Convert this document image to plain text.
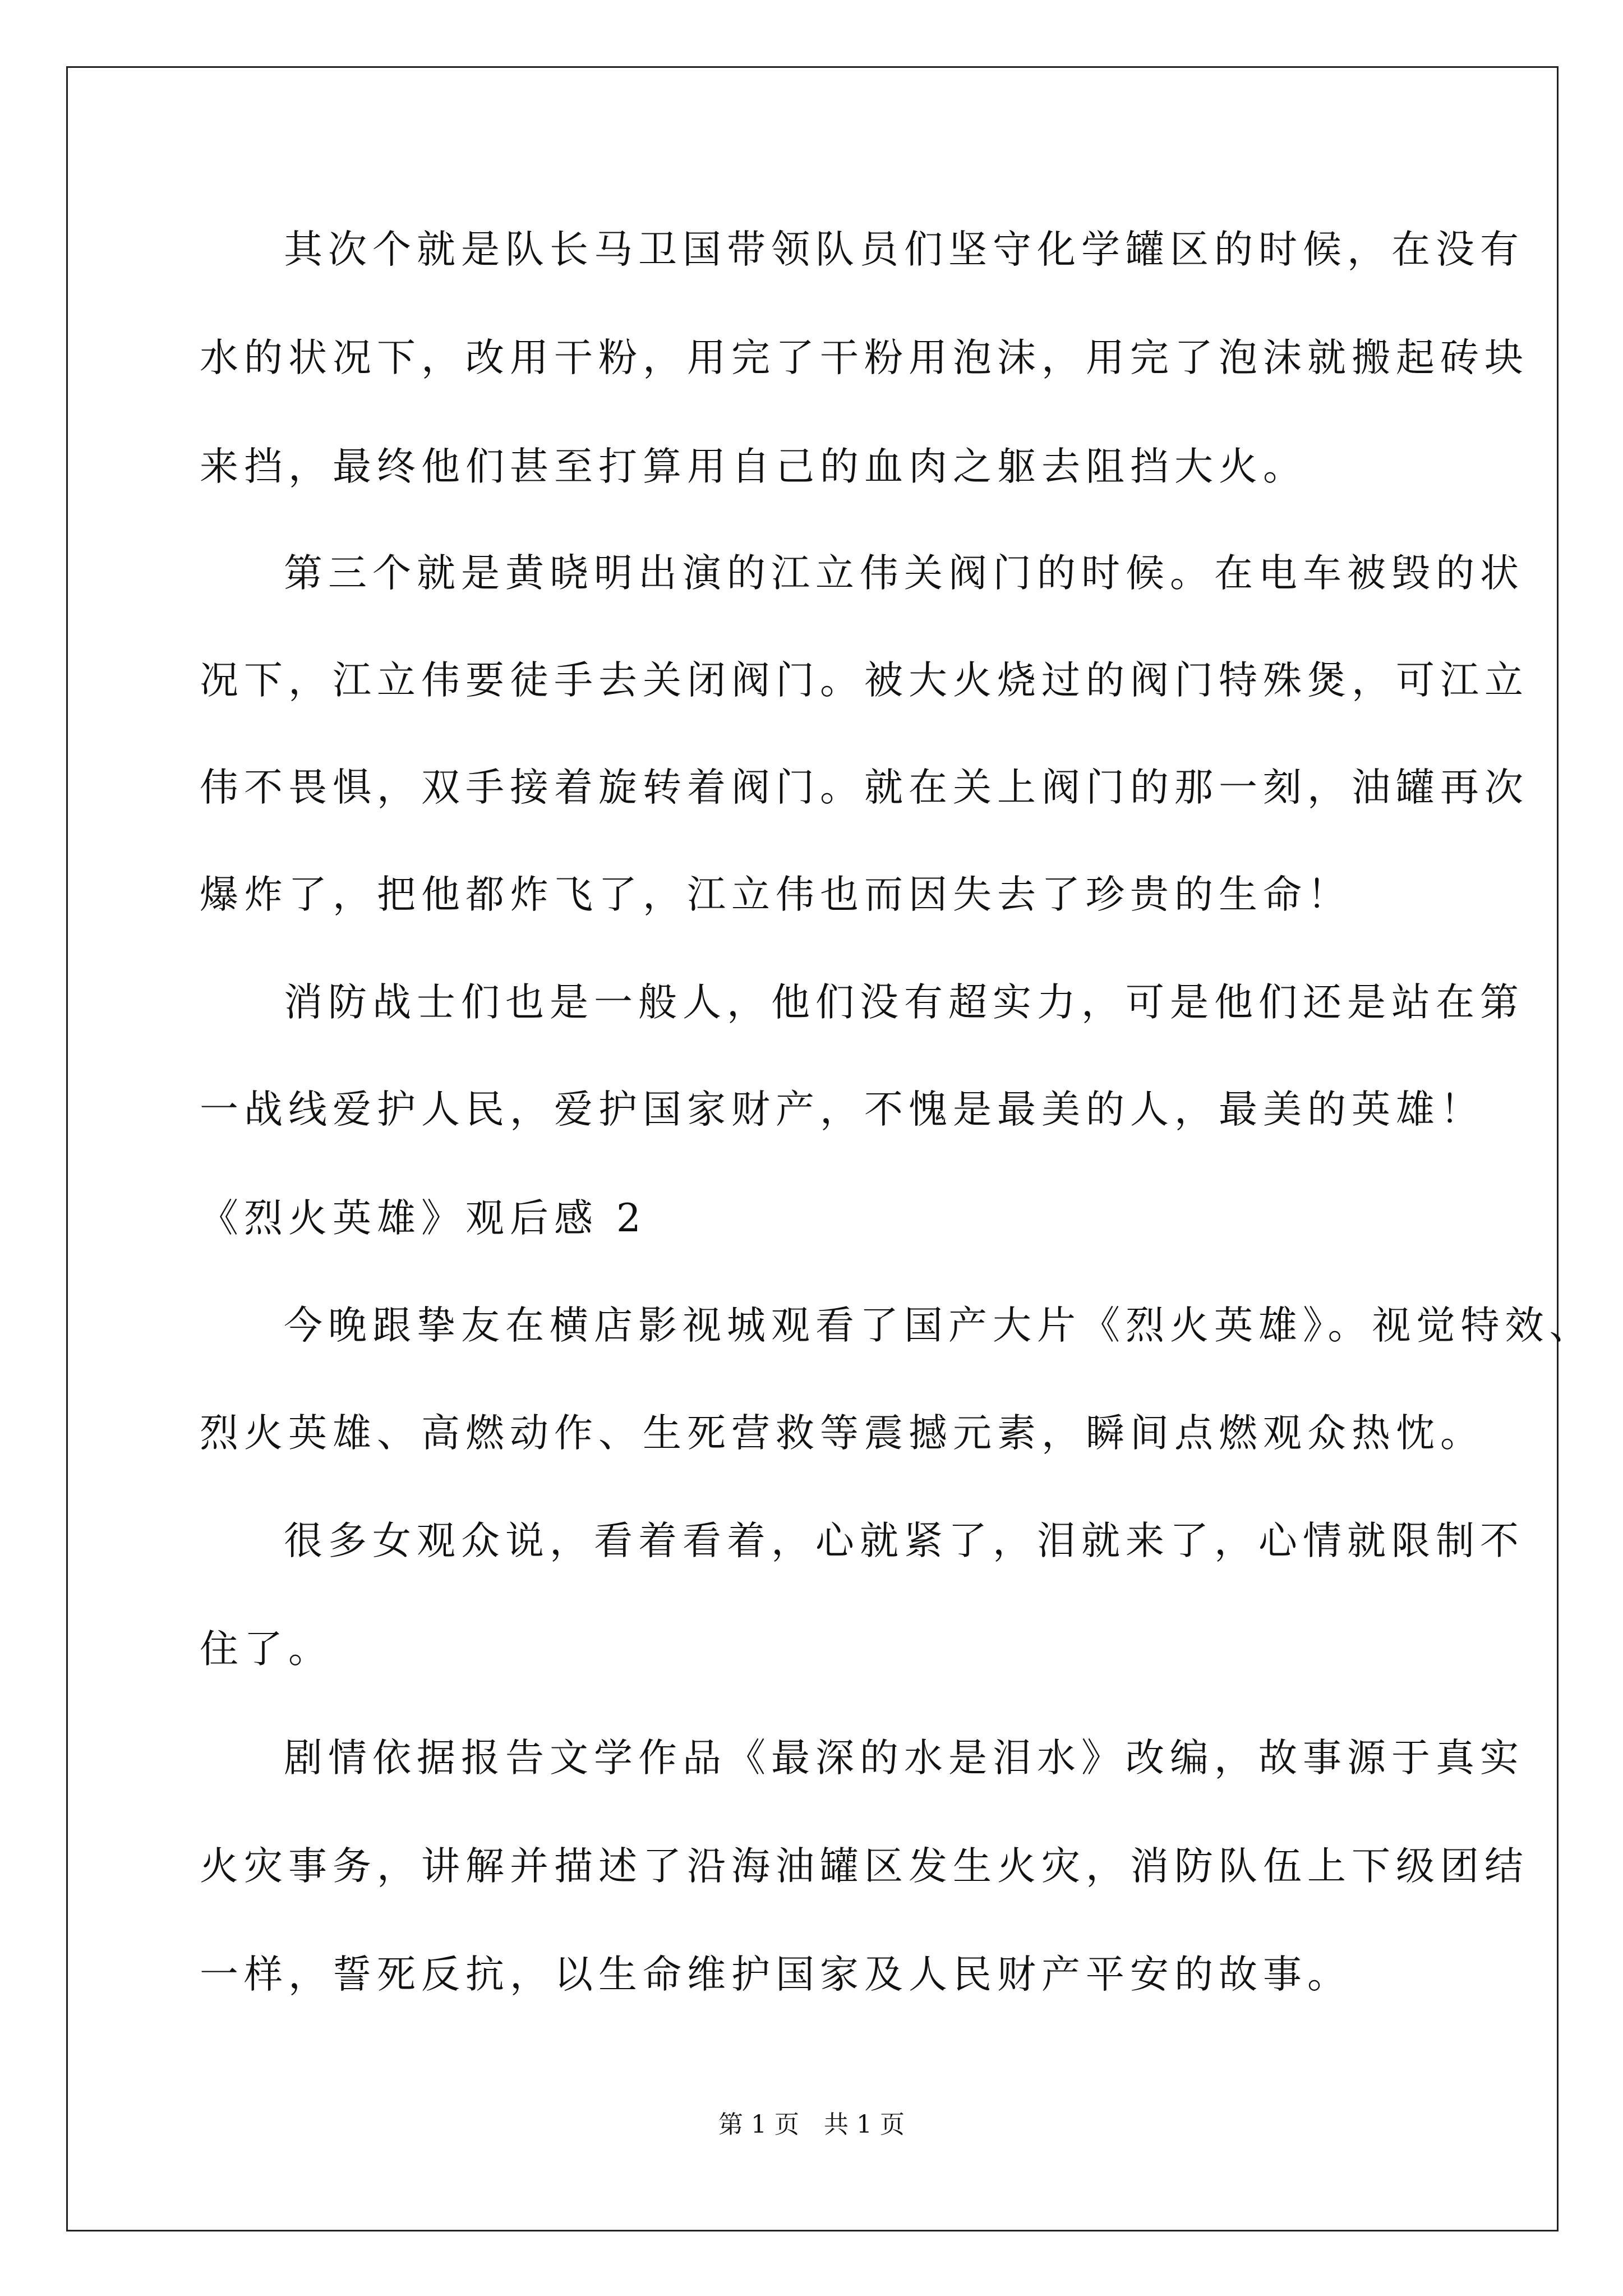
其次个就是队长马卫国带领队员们坚守化学罐区的时候，在没有
水的状况下，改用干粉，用完了干粉用泡沫，用完了泡沫就搬起砖块
来挡，最终他们甚至打算用自己的血肉之躯去阻挡大火。
第三个就是黄晓明出演的江立伟关阀门的时候。在电车被毁的状
况下，江立伟要徒手去关闭阀门。被大火烧过的阀门特殊煲，可江立
伟不畏惧，双手接着旋转着阀门。就在关上阀门的那一刻，油罐再次
爆炸了，把他都炸飞了，江立伟也而因失去了珍贵的生命！
消防战士们也是一般人，他们没有超实力，可是他们还是站在第
一战线爱护人民，爱护国家财产，不愧是最美的人，最美的英雄！
《烈火英雄》观后感 2
今晚跟挚友在横店影视城观看了国产大片《烈火英雄》。视觉特效、
烈火英雄、高燃动作、生死营救等震撼元素，瞬间点燃观众热忱。
很多女观众说，看着看着，心就紧了，泪就来了，心情就限制不
住了。
剧情依据报告文学作品《最深的水是泪水》改编，故事源于真实
火灾事务，讲解并描述了沿海油罐区发生火灾，消防队伍上下级团结
一样，誓死反抗，以生命维护国家及人民财产平安的故事。
第 1 页　共 1 页
